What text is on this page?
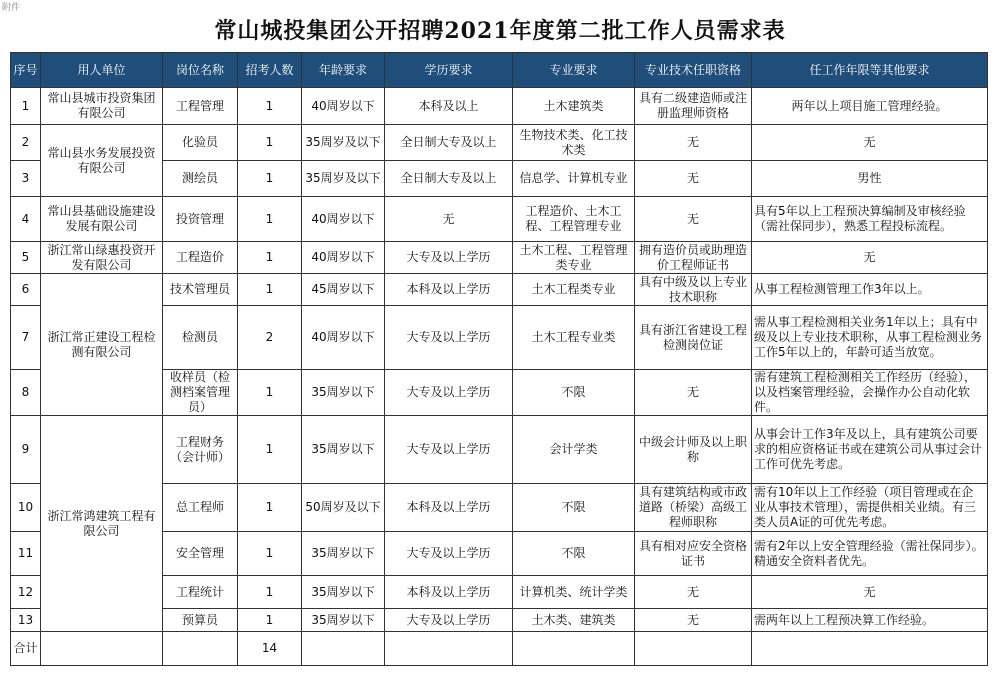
附件
常山城投集团公开招聘2021年度第二批工作人员需求表
序号	用人单位	岗位名称	招考人数	年龄要求	学历要求	专业要求	专业技术任职资格	任工作年限等其他要求
1	常山县城市投资集团有限公司	工程管理	1	40周岁以下	本科及以上	土木建筑类	具有二级建造师或注册监理师资格	两年以上项目施工管理经验。
2	常山县水务发展投资有限公司	化验员	1	35周岁及以下	全日制大专及以上	生物技术类、化工技术类	无	无
3		测绘员	1	35周岁及以下	全日制大专及以上	信息学、计算机专业	无	男性
4	常山县基础设施建设发展有限公司	投资管理	1	40周岁以下	无	工程造价、土木工程、工程管理专业	无	具有5年以上工程预决算编制及审核经验（需社保同步），熟悉工程投标流程。
5	浙江常山绿惠投资开发有限公司	工程造价	1	40周岁以下	大专及以上学历	土木工程、工程管理类专业	拥有造价员或助理造价工程师证书	无
6	浙江常正建设工程检测有限公司	技术管理员	1	45周岁以下	本科及以上学历	土木工程类专业	具有中级及以上专业技术职称	从事工程检测管理工作3年以上。
7		检测员	2	40周岁以下	大专及以上学历	土木工程专业类	具有浙江省建设工程检测岗位证	需从事工程检测相关业务1年以上；具有中级及以上专业技术职称，从事工程检测业务工作5年以上的，年龄可适当放宽。
8		收样员（检测档案管理员）	1	35周岁以下	大专及以上学历	不限	无	需有建筑工程检测相关工作经历（经验），以及档案管理经验，会操作办公自动化软件。
9	浙江常鸿建筑工程有限公司	工程财务（会计师）	1	35周岁以下	大专及以上学历	会计学类	中级会计师及以上职称	从事会计工作3年及以上，具有建筑公司要求的相应资格证书或在建筑公司从事过会计工作可优先考虑。
10		总工程师	1	50周岁及以下	本科及以上学历	不限	具有建筑结构或市政道路（桥梁）高级工程师职称	需有10年以上工作经验（项目管理或在企业从事技术管理），需提供相关业绩。有三类人员A证的可优先考虑。
11		安全管理	1	35周岁以下	大专及以上学历	不限	具有相对应安全资格证书	需有2年以上安全管理经验（需社保同步）。精通安全资料者优先。
12		工程统计	1	35周岁以下	本科及以上学历	计算机类、统计学类	无	无
13		预算员	1	35周岁以下	大专及以上学历	土木类、建筑类	无	需两年以上工程预决算工作经验。
合计			14					
